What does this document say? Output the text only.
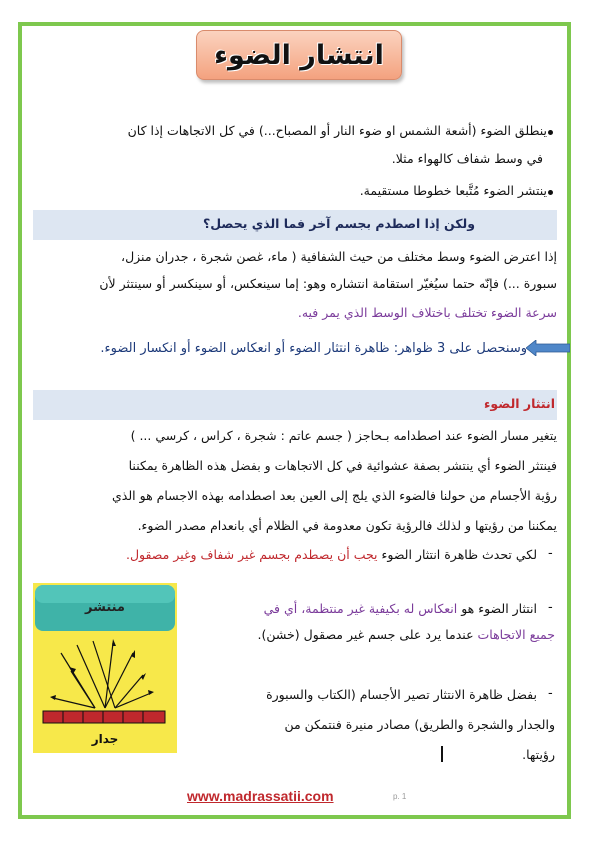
انتشار الضوء
ينطلق الضوء (أشعة الشمس او ضوء النار أو المصباح...) في كل الاتجاهات إذا كان
في وسط شفاف كالهواء مثلا.
ينتشر الضوء مُتَّبعا خطوطا مستقيمة.
ولكن إذا اصطدم بجسم آخر فما الذي يحصل؟
إذا اعترض الضوء وسط مختلف من حيث الشفافية ( ماء، غصن شجرة ، جدران منزل،
سبورة ...) فإنّه حتما سيُغيّر استقامة انتشاره وهو: إما سينعكس، أو سينكسر أو سينتثر لأن
سرعة الضوء تختلف باختلاف الوسط الذي يمر فيه.
وسنحصل على 3 ظواهر: ظاهرة انتثار الضوء أو انعكاس الضوء أو انكسار الضوء.
انتثار الضوء
يتغير مسار الضوء عند اصطدامه بـحاجز ( جسم عاتم : شجرة ، كراس ، كرسي ... )
فينتثر الضوء أي ينتشر بصفة عشوائية في كل الاتجاهات و بفضل هذه الظاهرة يمكننا
رؤية الأجسام من حولنا فالضوء الذي يلج إلى العين بعد اصطدامه بهذه الاجسام هو الذي
يمكننا من رؤيتها و لذلك فالرؤية تكون معدومة في الظلام أي بانعدام مصدر الضوء.
-
لكي تحدث ظاهرة انتثار الضوء يجب أن يصطدم بجسم غير شفاف وغير مصقول.
منتشر
جدار
-
انتثار الضوء هو انعكاس له بكيفية غير منتظمة، أي في
جميع الاتجاهات عندما يرد على جسم غير مصقول (خشن).
-
بفضل ظاهرة الانتثار تصير الأجسام (الكتاب والسبورة
والجدار والشجرة والطريق) مصادر منيرة فنتمكن من
رؤيتها.
www.madrassatii.com	p. 1
